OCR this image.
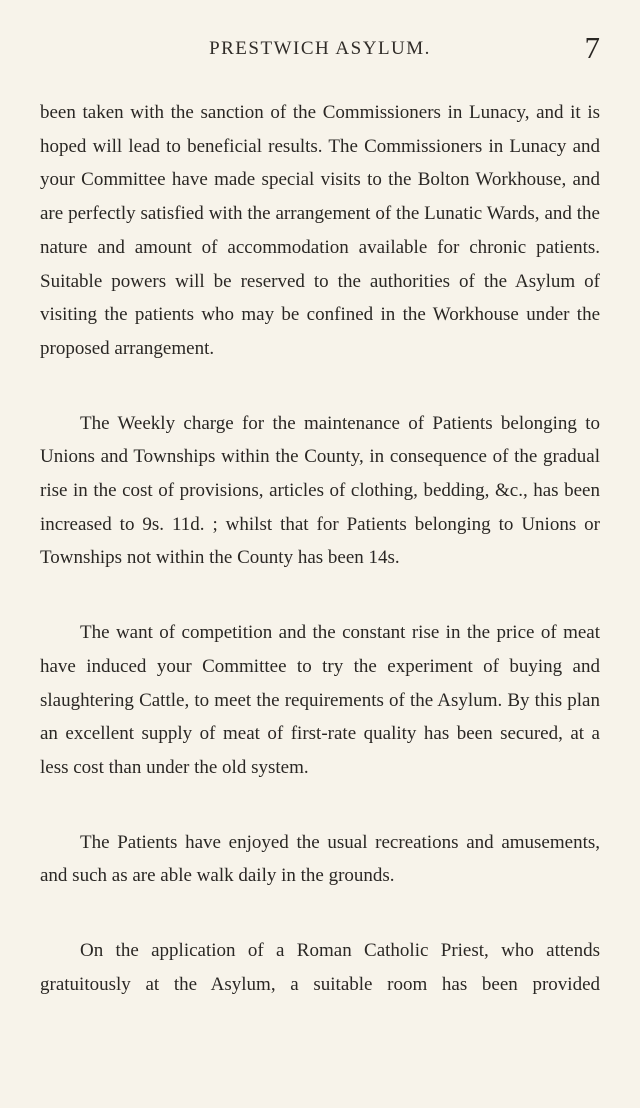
PRESTWICH ASYLUM.	7

been taken with the sanction of the Commissioners in Lunacy, and it is hoped will lead to beneficial results. The Commissioners in Lunacy and your Committee have made special visits to the Bolton Workhouse, and are perfectly satisfied with the arrangement of the Lunatic Wards, and the nature and amount of accommodation available for chronic patients. Suitable powers will be reserved to the authorities of the Asylum of visiting the patients who may be confined in the Workhouse under the proposed arrangement.

The Weekly charge for the maintenance of Patients belonging to Unions and Townships within the County, in consequence of the gradual rise in the cost of provisions, articles of clothing, bedding, &c., has been increased to 9s. 11d. ; whilst that for Patients belonging to Unions or Townships not within the County has been 14s.

The want of competition and the constant rise in the price of meat have induced your Committee to try the experiment of buying and slaughtering Cattle, to meet the requirements of the Asylum. By this plan an excellent supply of meat of first-rate quality has been secured, at a less cost than under the old system.

The Patients have enjoyed the usual recreations and amusements, and such as are able walk daily in the grounds.

On the application of a Roman Catholic Priest, who attends gratuitously at the Asylum, a suitable room has been provided
